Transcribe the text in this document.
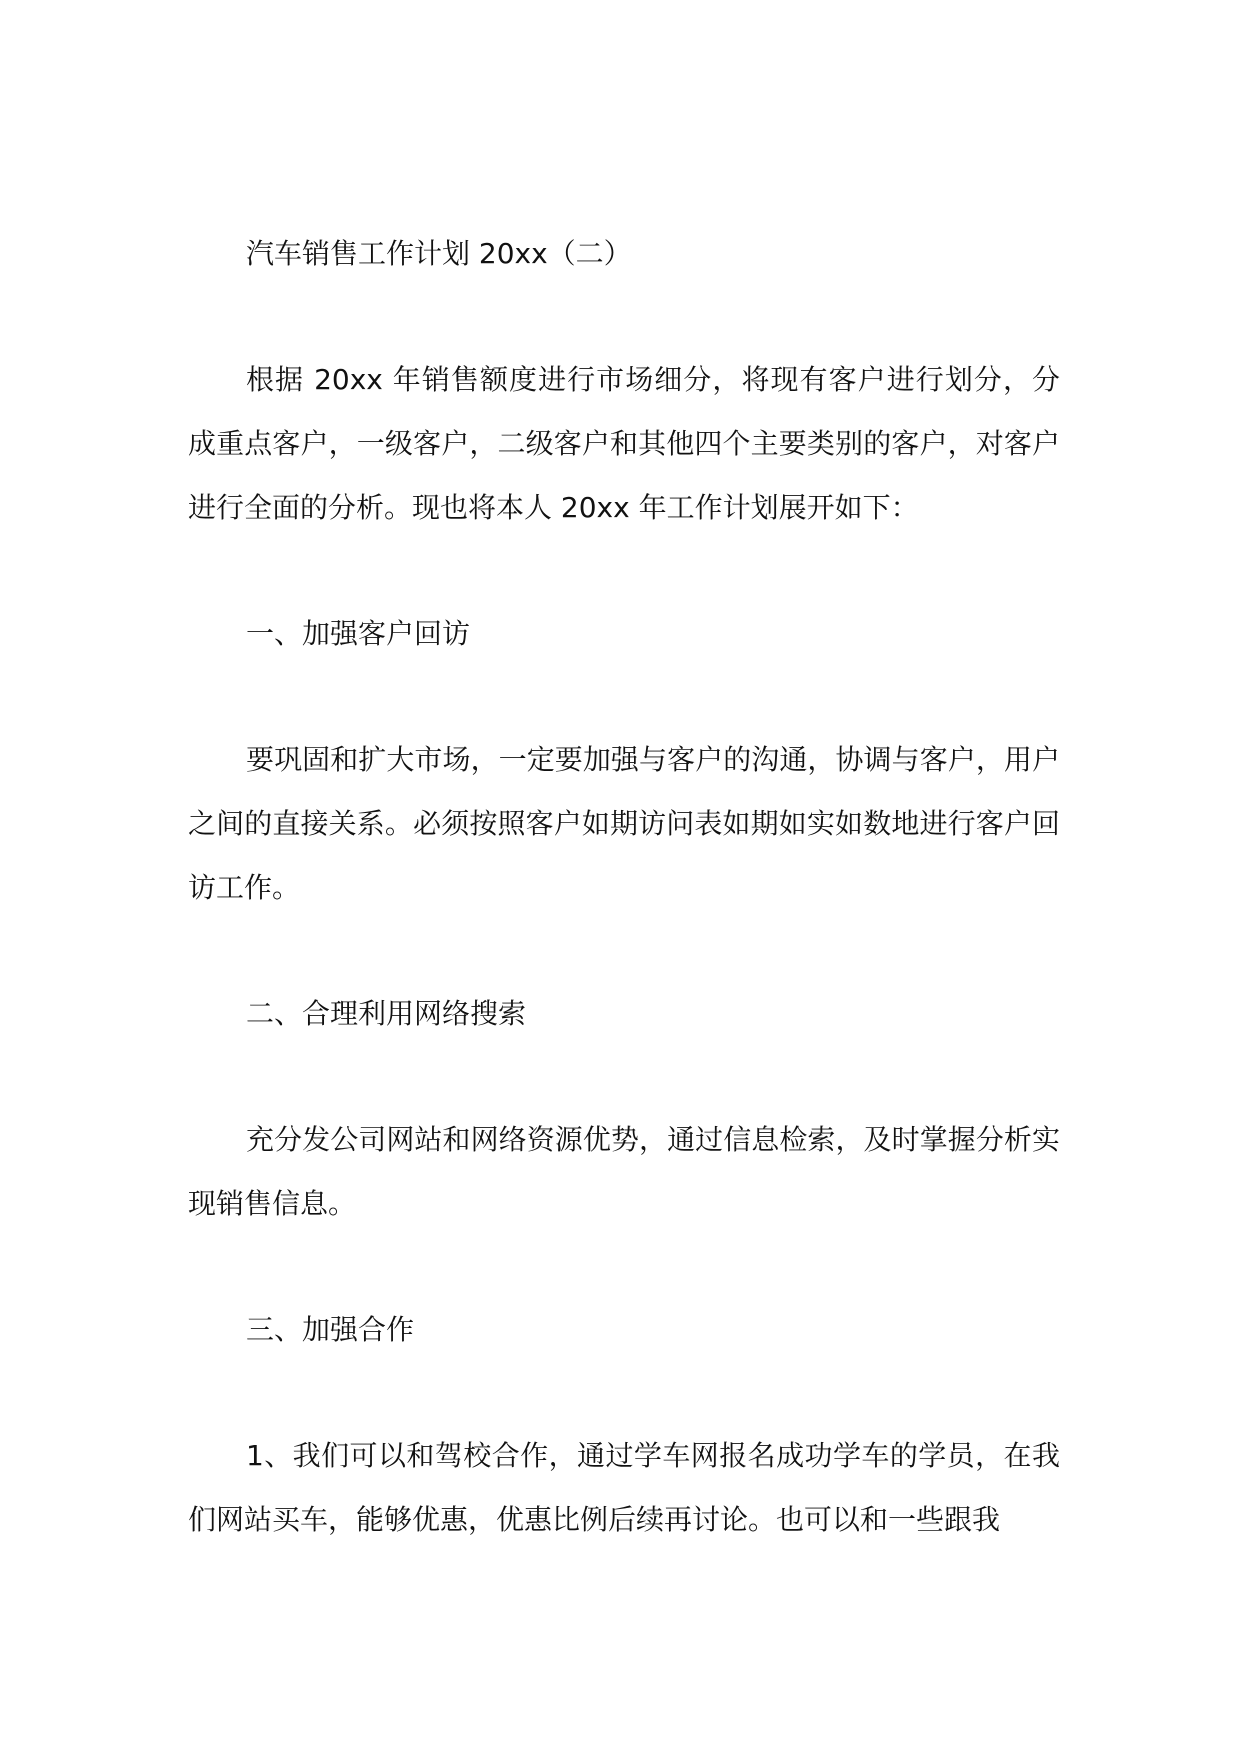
汽车销售工作计划 20xx（二）

根据 20xx 年销售额度进行市场细分，将现有客户进行划分，分成重点客户，一级客户，二级客户和其他四个主要类别的客户，对客户进行全面的分析。现也将本人 20xx 年工作计划展开如下：

一、加强客户回访

要巩固和扩大市场，一定要加强与客户的沟通，协调与客户，用户之间的直接关系。必须按照客户如期访问表如期如实如数地进行客户回访工作。

二、合理利用网络搜索

充分发公司网站和网络资源优势，通过信息检索，及时掌握分析实现销售信息。

三、加强合作

1、我们可以和驾校合作，通过学车网报名成功学车的学员，在我们网站买车，能够优惠，优惠比例后续再讨论。也可以和一些跟我
